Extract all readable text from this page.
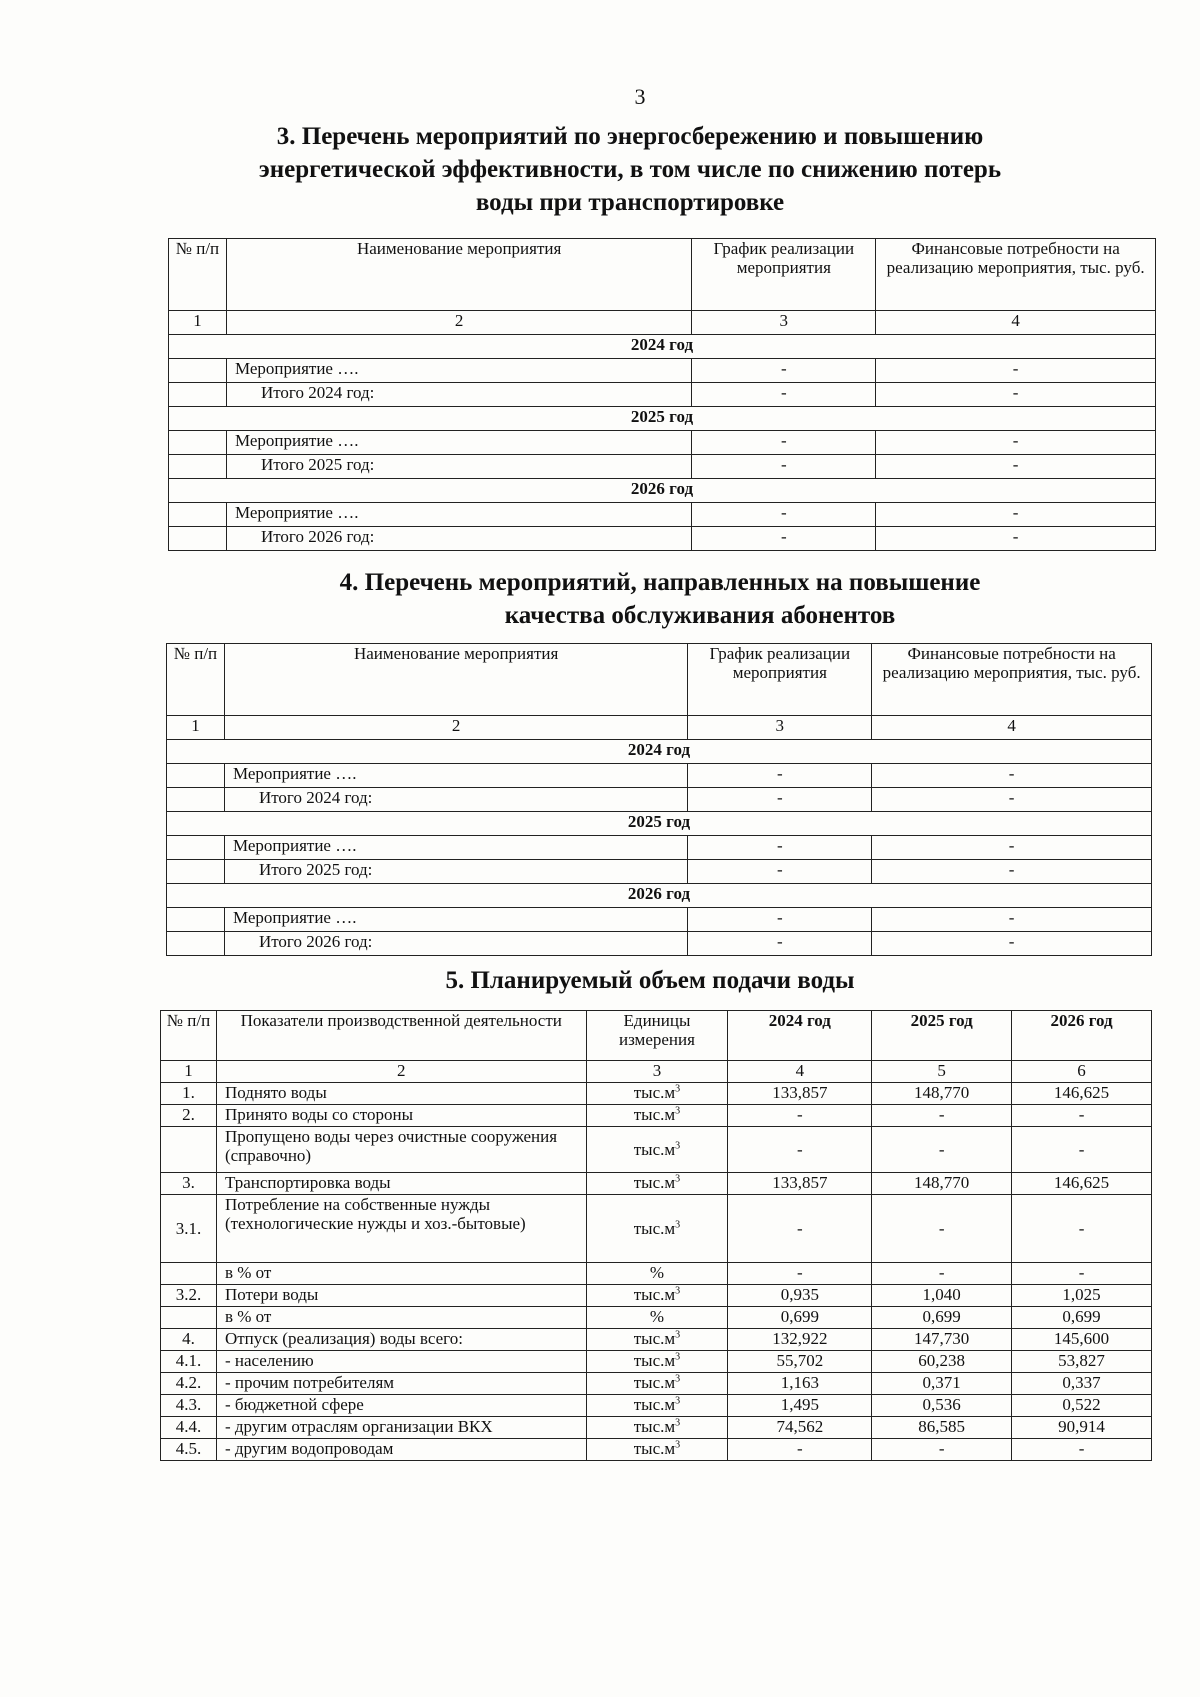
3
3. Перечень мероприятий по энергосбережению и повышению
энергетической эффективности, в том числе по снижению потерь
воды при транспортировке
№ п/п	Наименование мероприятия	График реализации мероприятия	Финансовые потребности на реализацию мероприятия, тыс. руб.
1	2	3	4
2024 год			
	Мероприятие ….	-	-
	Итого 2024 год:	-	-
2025 год			
	Мероприятие ….	-	-
	Итого 2025 год:	-	-
2026 год			
	Мероприятие ….	-	-
	Итого 2026 год:	-	-
4. Перечень мероприятий, направленных на повышение
качества обслуживания абонентов
№ п/п	Наименование мероприятия	График реализации мероприятия	Финансовые потребности на реализацию мероприятия, тыс. руб.
1	2	3	4
2024 год			
	Мероприятие ….	-	-
	Итого 2024 год:	-	-
2025 год			
	Мероприятие ….	-	-
	Итого 2025 год:	-	-
2026 год			
	Мероприятие ….	-	-
	Итого 2026 год:	-	-
5. Планируемый объем подачи воды
№ п/п	Показатели производственной деятельности	Единицы измерения	2024 год	2025 год	2026 год
1	2	3	4	5	6
1.	Поднято воды	$тыс.м^3$	133,857	148,770	146,625
2.	Принято воды со стороны	$тыс.м^3$	-	-	-
	Пропущено воды через очистные сооружения (справочно)	$тыс.м^3$	-	-	-
3.	Транспортировка воды	$тыс.м^3$	133,857	148,770	146,625
3.1.	Потребление на собственные нужды (технологические нужды и хоз.-бытовые)	$тыс.м^3$	-	-	-
	в % от	%	-	-	-
3.2.	Потери воды	$тыс.м^3$	0,935	1,040	1,025
	в % от	%	0,699	0,699	0,699
4.	Отпуск (реализация) воды всего:	$тыс.м^3$	132,922	147,730	145,600
4.1.	- населению	$тыс.м^3$	55,702	60,238	53,827
4.2.	- прочим потребителям	$тыс.м^3$	1,163	0,371	0,337
4.3.	- бюджетной сфере	$тыс.м^3$	1,495	0,536	0,522
4.4.	- другим отраслям организации ВКХ	$тыс.м^3$	74,562	86,585	90,914
4.5.	- другим водопроводам	$тыс.м^3$	-	-	-
